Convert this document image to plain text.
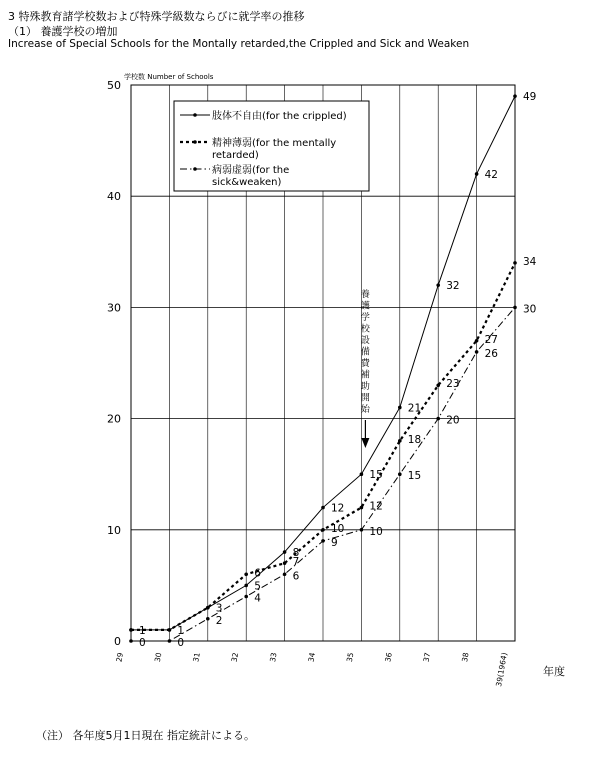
3 特殊教育諸学校数および特殊学級数ならびに就学率の推移
（1） 養護学校の増加
Increase of Special Schools for the Montally retarded,the Crippled and Sick and Weaken
0
10
20
30
40
50
29	30	31	32	33	34	35	36	37	38	39(1964)
学校数 Number of Schools
年度
1	1
3
5
8
12
15
21
32
42
49
6
7
10
12
18
23
27
34
0	0
2
4
6
9
10
15
20
26
30
養
護
学
校
設
備
費
補
助
開
始
肢体不自由(for the crippled)
精神薄弱(for the mentally
retarded)
病弱虚弱(for the
sick&weaken)
（注） 各年度5月1日現在 指定統計による。
